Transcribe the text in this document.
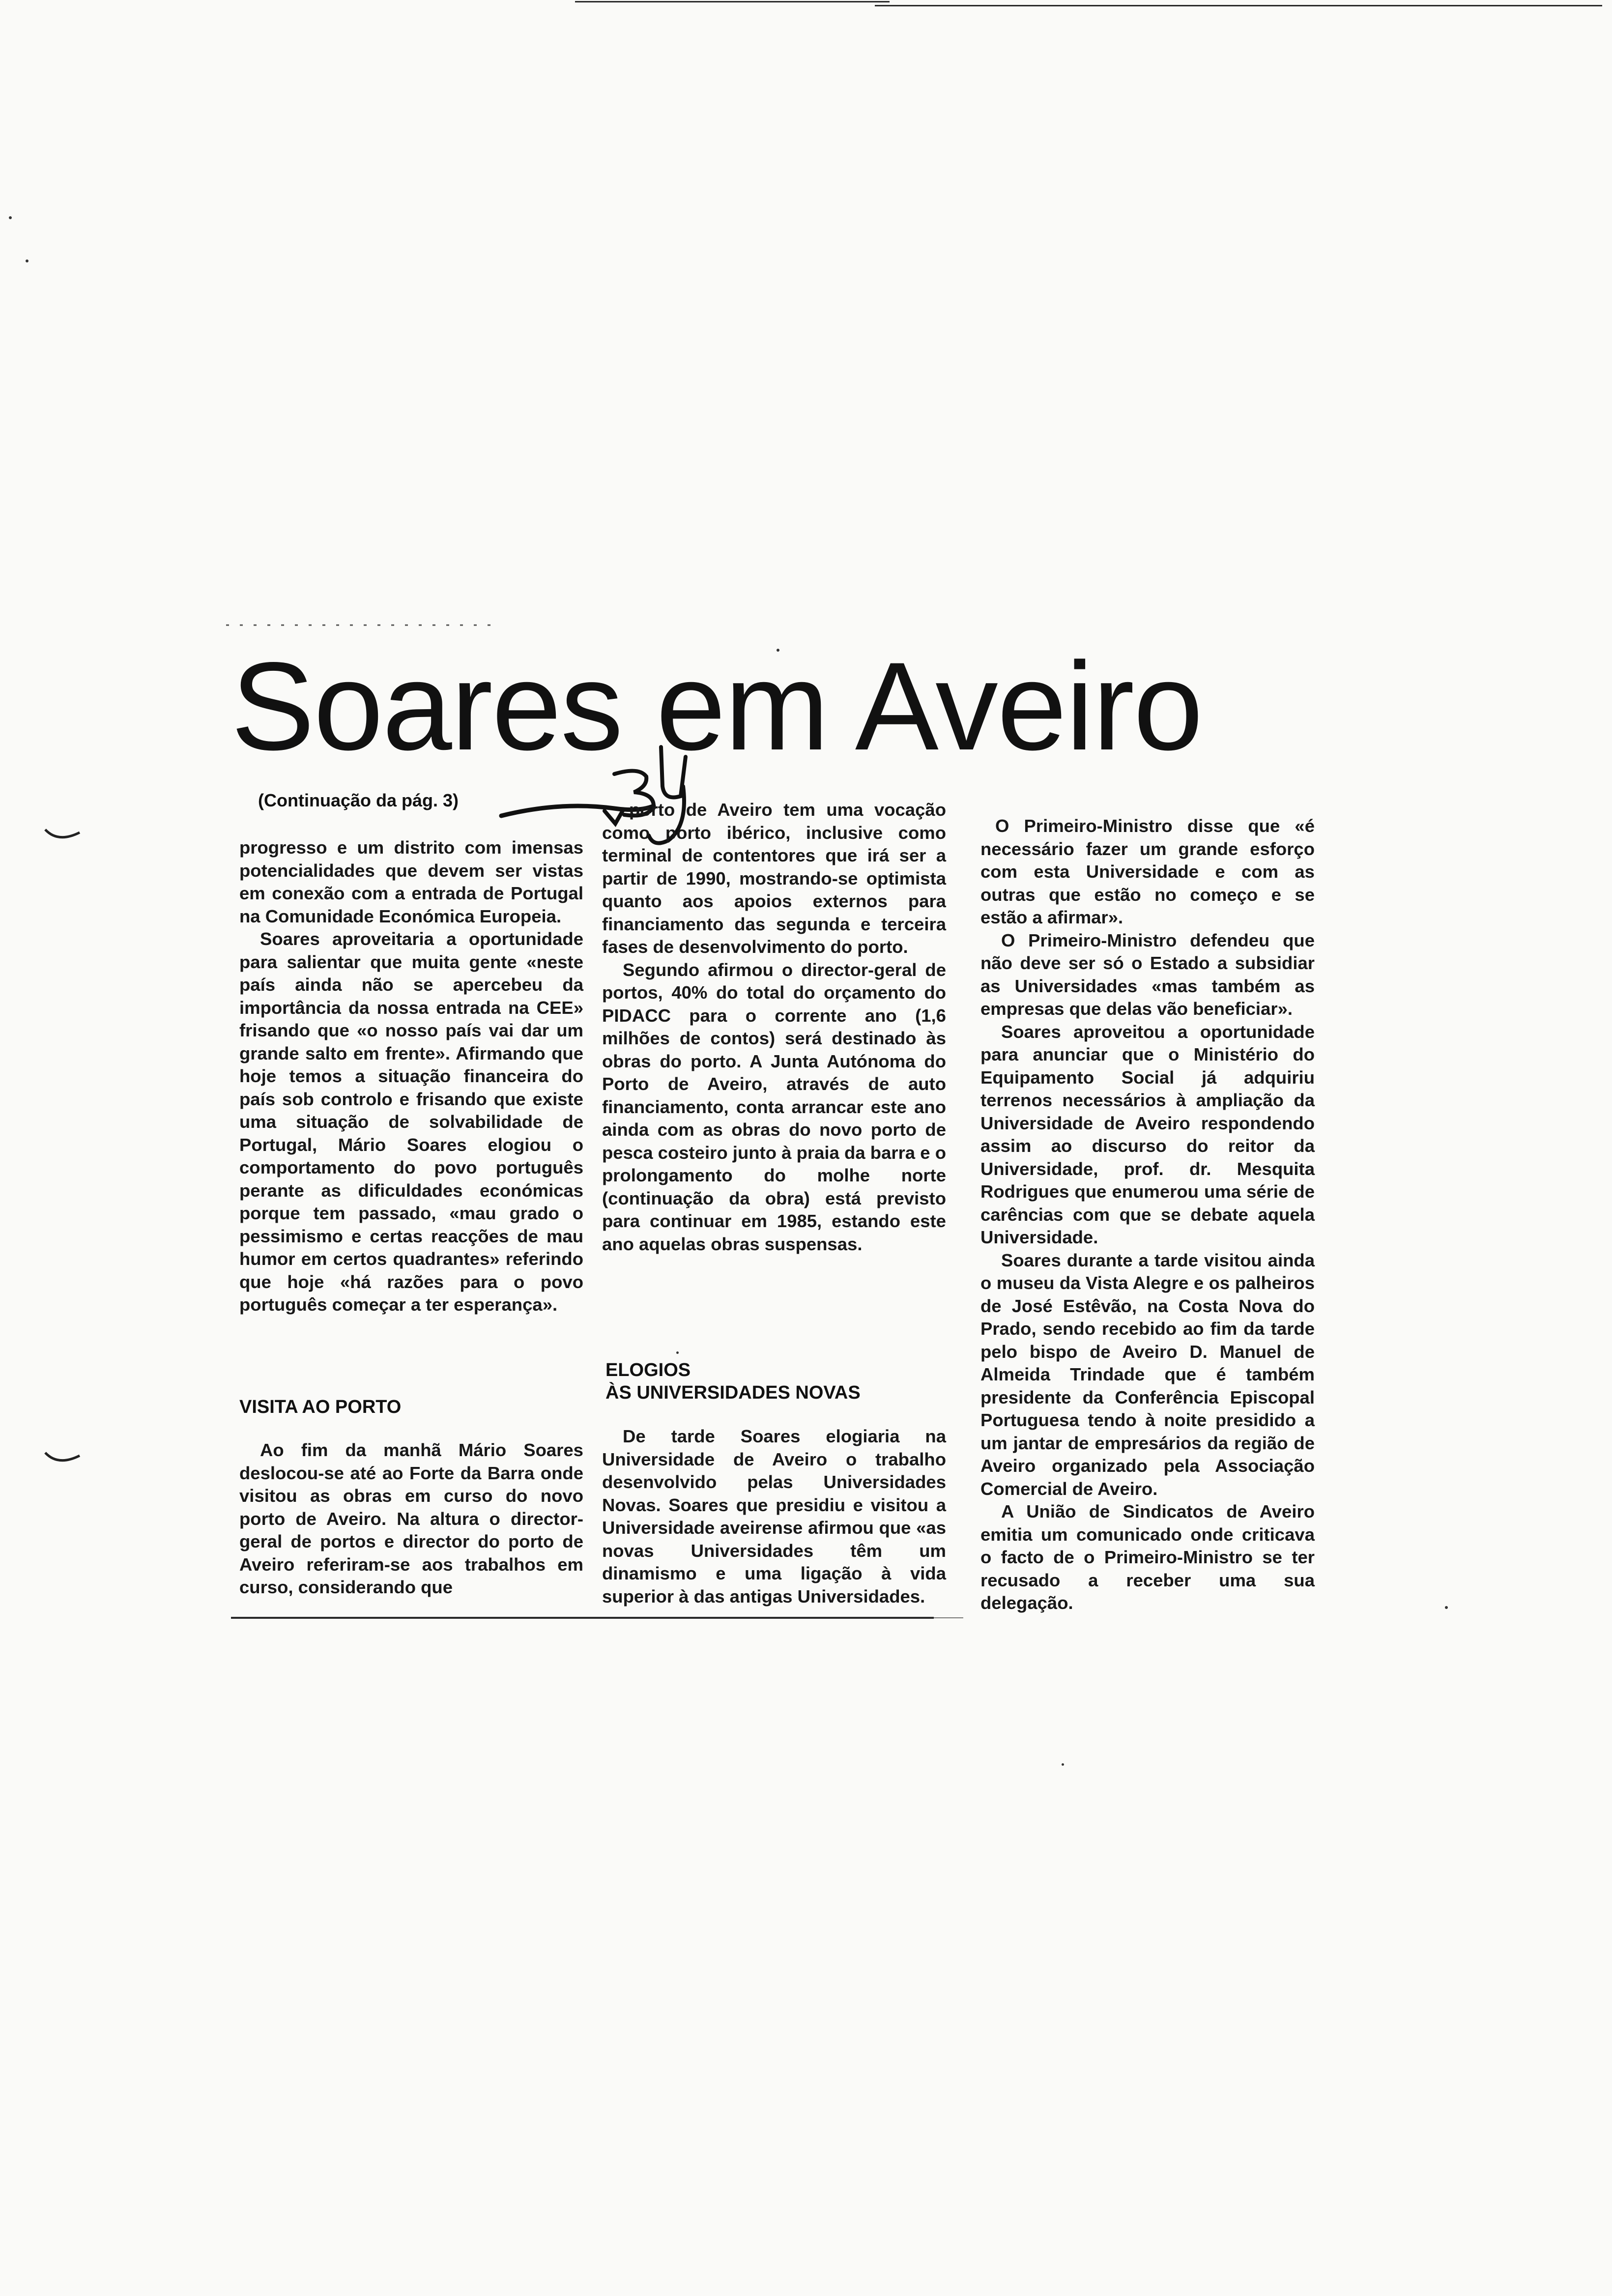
Soares em Aveiro
(Continuação da pág. 3)

progresso e um distrito com imensas potencialidades que devem ser vistas em conexão com a entrada de Portugal na Comunidade Económica Europeia.

Soares aproveitaria a oportunidade para salientar que muita gente «neste país ainda não se apercebeu da importância da nossa entrada na CEE» frisando que «o nosso país vai dar um grande salto em frente». Afirmando que hoje temos a situação financeira do país sob controlo e frisando que existe uma situação de solvabilidade de Portugal, Mário Soares elogiou o comportamento do povo português perante as dificuldades económicas porque tem passado, «mau grado o pessimismo e certas reacções de mau humor em certos quadrantes» referindo que hoje «há razões para o povo português começar a ter esperança».

VISITA AO PORTO

Ao fim da manhã Mário Soares deslocou-se até ao Forte da Barra onde visitou as obras em curso do novo porto de Aveiro. Na altura o director-geral de portos e director do porto de Aveiro referiram-se aos trabalhos em curso, considerando que

porto de Aveiro tem uma vocação como porto ibérico, inclusive como terminal de contentores que irá ser a partir de 1990, mostrando-se optimista quanto aos apoios externos para financiamento das segunda e terceira fases de desenvolvimento do porto.

Segundo afirmou o director-geral de portos, 40% do total do orçamento do PIDACC para o corrente ano (1,6 milhões de contos) será destinado às obras do porto. A Junta Autónoma do Porto de Aveiro, através de auto financiamento, conta arrancar este ano ainda com as obras do novo porto de pesca costeiro junto à praia da barra e o prolongamento do molhe norte (continuação da obra) está previsto para continuar em 1985, estando este ano aquelas obras suspensas.

ELOGIOS
ÀS UNIVERSIDADES NOVAS

De tarde Soares elogiaria na Universidade de Aveiro o trabalho desenvolvido pelas Universidades Novas. Soares que presidiu e visitou a Universidade aveirense afirmou que «as novas Universidades têm um dinamismo e uma ligação à vida superior à das antigas Universidades.

O Primeiro-Ministro disse que «é necessário fazer um grande esforço com esta Universidade e com as outras que estão no começo e se estão a afirmar».

O Primeiro-Ministro defendeu que não deve ser só o Estado a subsidiar as Universidades «mas também as empresas que delas vão beneficiar».

Soares aproveitou a oportunidade para anunciar que o Ministério do Equipamento Social já adquiriu terrenos necessários à ampliação da Universidade de Aveiro respondendo assim ao discurso do reitor da Universidade, prof. dr. Mesquita Rodrigues que enumerou uma série de carências com que se debate aquela Universidade.

Soares durante a tarde visitou ainda o museu da Vista Alegre e os palheiros de José Estêvão, na Costa Nova do Prado, sendo recebido ao fim da tarde pelo bispo de Aveiro D. Manuel de Almeida Trindade que é também presidente da Conferência Episcopal Portuguesa tendo à noite presidido a um jantar de empresários da região de Aveiro organizado pela Associação Comercial de Aveiro.

A União de Sindicatos de Aveiro emitia um comunicado onde criticava o facto de o Primeiro-Ministro se ter recusado a receber uma sua delegação.
